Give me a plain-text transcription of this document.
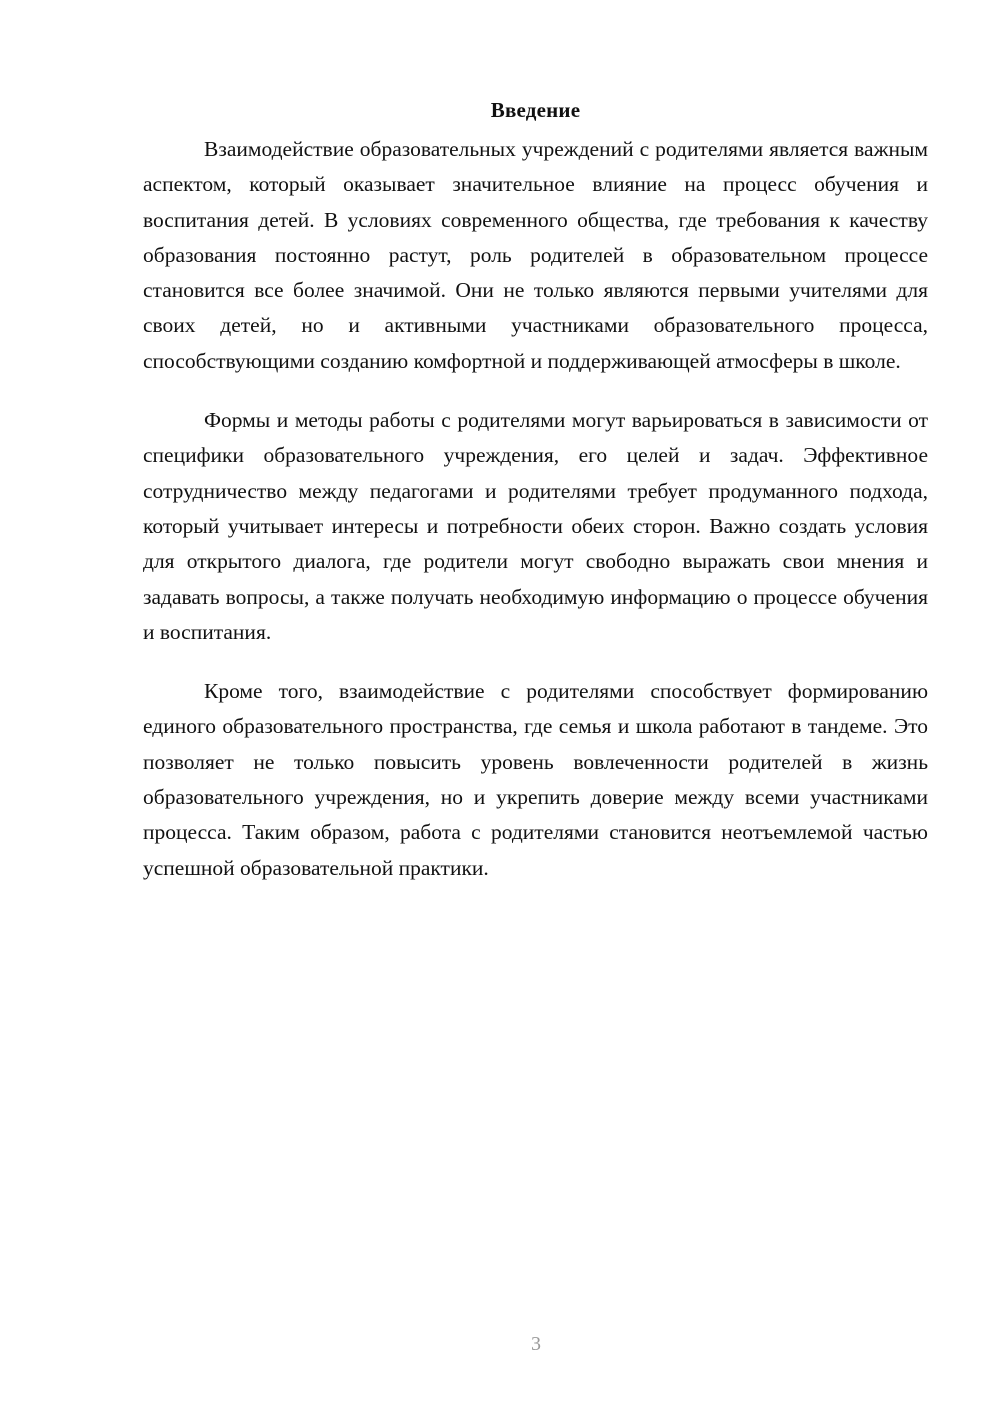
Введение

Взаимодействие образовательных учреждений с родителями является важным аспектом, который оказывает значительное влияние на процесс обучения и воспитания детей. В условиях современного общества, где требования к качеству образования постоянно растут, роль родителей в образовательном процессе становится все более значимой. Они не только являются первыми учителями для своих детей, но и активными участниками образовательного процесса, способствующими созданию комфортной и поддерживающей атмосферы в школе.

Формы и методы работы с родителями могут варьироваться в зависимости от специфики образовательного учреждения, его целей и задач. Эффективное сотрудничество между педагогами и родителями требует продуманного подхода, который учитывает интересы и потребности обеих сторон. Важно создать условия для открытого диалога, где родители могут свободно выражать свои мнения и задавать вопросы, а также получать необходимую информацию о процессе обучения и воспитания.

Кроме того, взаимодействие с родителями способствует формированию единого образовательного пространства, где семья и школа работают в тандеме. Это позволяет не только повысить уровень вовлеченности родителей в жизнь образовательного учреждения, но и укрепить доверие между всеми участниками процесса. Таким образом, работа с родителями становится неотъемлемой частью успешной образовательной практики.

3
